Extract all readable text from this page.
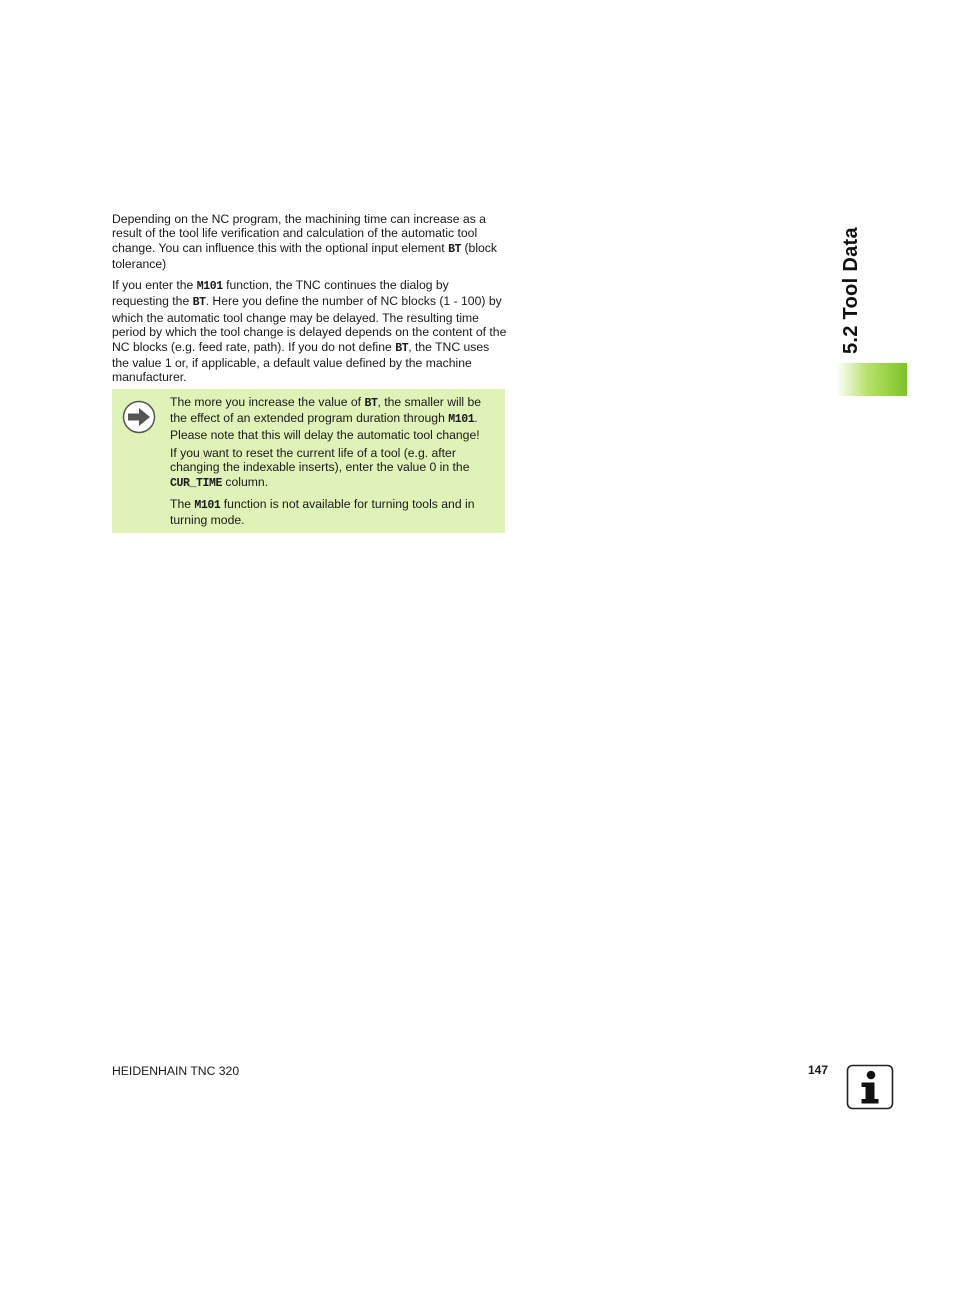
5.2 Tool Data

Depending on the NC program, the machining time can increase as a result of the tool life verification and calculation of the automatic tool change. You can influence this with the optional input element BT (block tolerance)

If you enter the M101 function, the TNC continues the dialog by requesting the BT. Here you define the number of NC blocks (1 - 100) by which the automatic tool change may be delayed. The resulting time period by which the tool change is delayed depends on the content of the NC blocks (e.g. feed rate, path). If you do not define BT, the TNC uses the value 1 or, if applicable, a default value defined by the machine manufacturer.

The more you increase the value of BT, the smaller will be the effect of an extended program duration through M101. Please note that this will delay the automatic tool change!

If you want to reset the current life of a tool (e.g. after changing the indexable inserts), enter the value 0 in the CUR_TIME column.

The M101 function is not available for turning tools and in turning mode.

HEIDENHAIN TNC 320	147
